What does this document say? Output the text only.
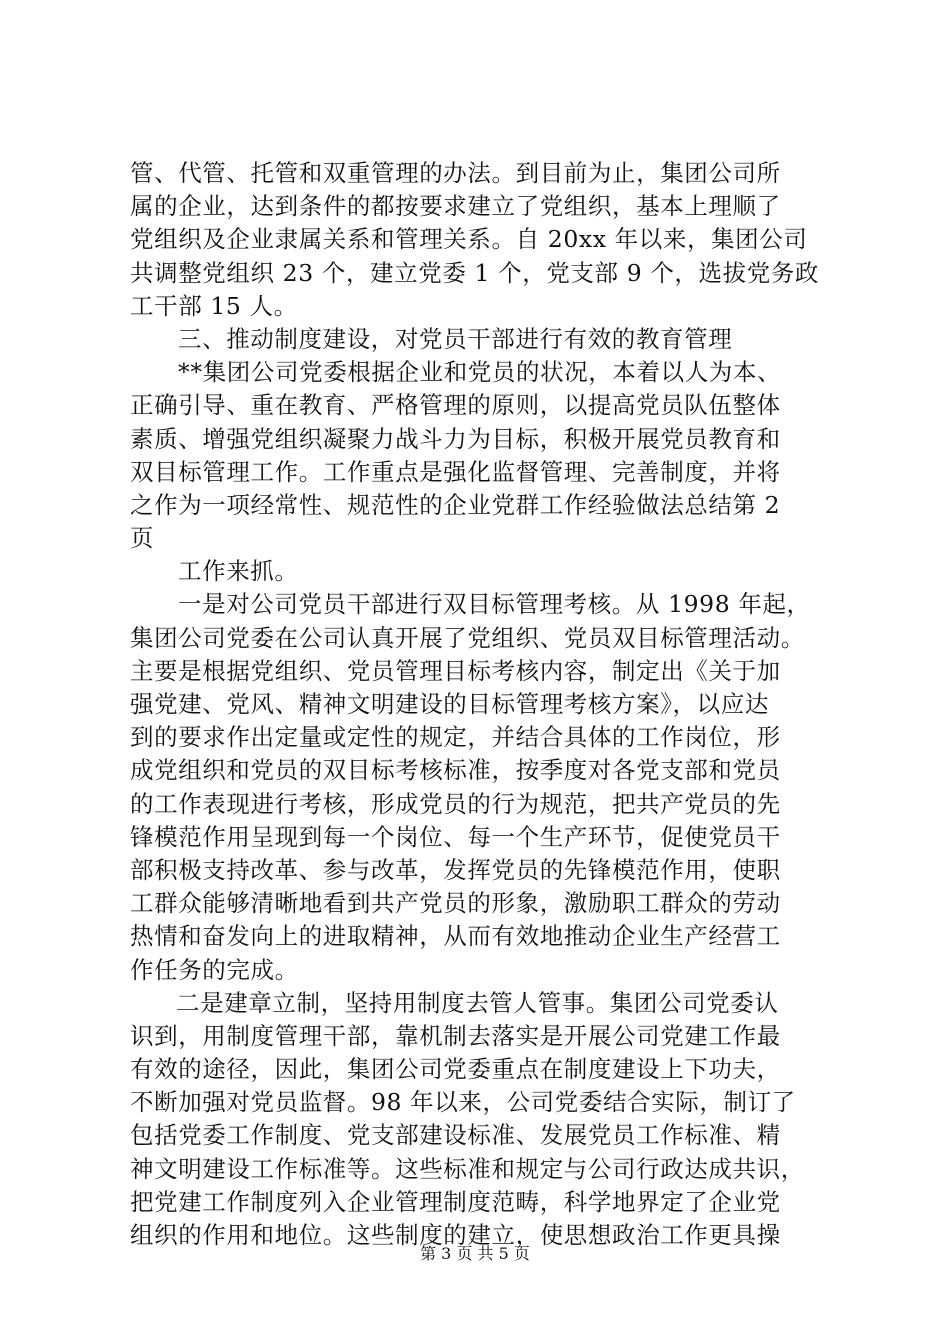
管、代管、托管和双重管理的办法。到目前为止，集团公司所
属的企业，达到条件的都按要求建立了党组织，基本上理顺了
党组织及企业隶属关系和管理关系。自 20xx 年以来，集团公司
共调整党组织 23 个，建立党委 1 个，党支部 9 个，选拔党务政
工干部 15 人。
三、推动制度建设，对党员干部进行有效的教育管理
**集团公司党委根据企业和党员的状况，本着以人为本、
正确引导、重在教育、严格管理的原则，以提高党员队伍整体
素质、增强党组织凝聚力战斗力为目标，积极开展党员教育和
双目标管理工作。工作重点是强化监督管理、完善制度，并将
之作为一项经常性、规范性的企业党群工作经验做法总结第 2
页
工作来抓。
一是对公司党员干部进行双目标管理考核。从 1998 年起，
集团公司党委在公司认真开展了党组织、党员双目标管理活动。
主要是根据党组织、党员管理目标考核内容，制定出《关于加
强党建、党风、精神文明建设的目标管理考核方案》，以应达
到的要求作出定量或定性的规定，并结合具体的工作岗位，形
成党组织和党员的双目标考核标准，按季度对各党支部和党员
的工作表现进行考核，形成党员的行为规范，把共产党员的先
锋模范作用呈现到每一个岗位、每一个生产环节，促使党员干
部积极支持改革、参与改革，发挥党员的先锋模范作用，使职
工群众能够清晰地看到共产党员的形象，激励职工群众的劳动
热情和奋发向上的进取精神，从而有效地推动企业生产经营工
作任务的完成。
二是建章立制，坚持用制度去管人管事。集团公司党委认
识到，用制度管理干部，靠机制去落实是开展公司党建工作最
有效的途径，因此，集团公司党委重点在制度建设上下功夫，
不断加强对党员监督。98 年以来，公司党委结合实际，制订了
包括党委工作制度、党支部建设标准、发展党员工作标准、精
神文明建设工作标准等。这些标准和规定与公司行政达成共识，
把党建工作制度列入企业管理制度范畴，科学地界定了企业党
组织的作用和地位。这些制度的建立，使思想政治工作更具操
第 3 页 共 5 页
